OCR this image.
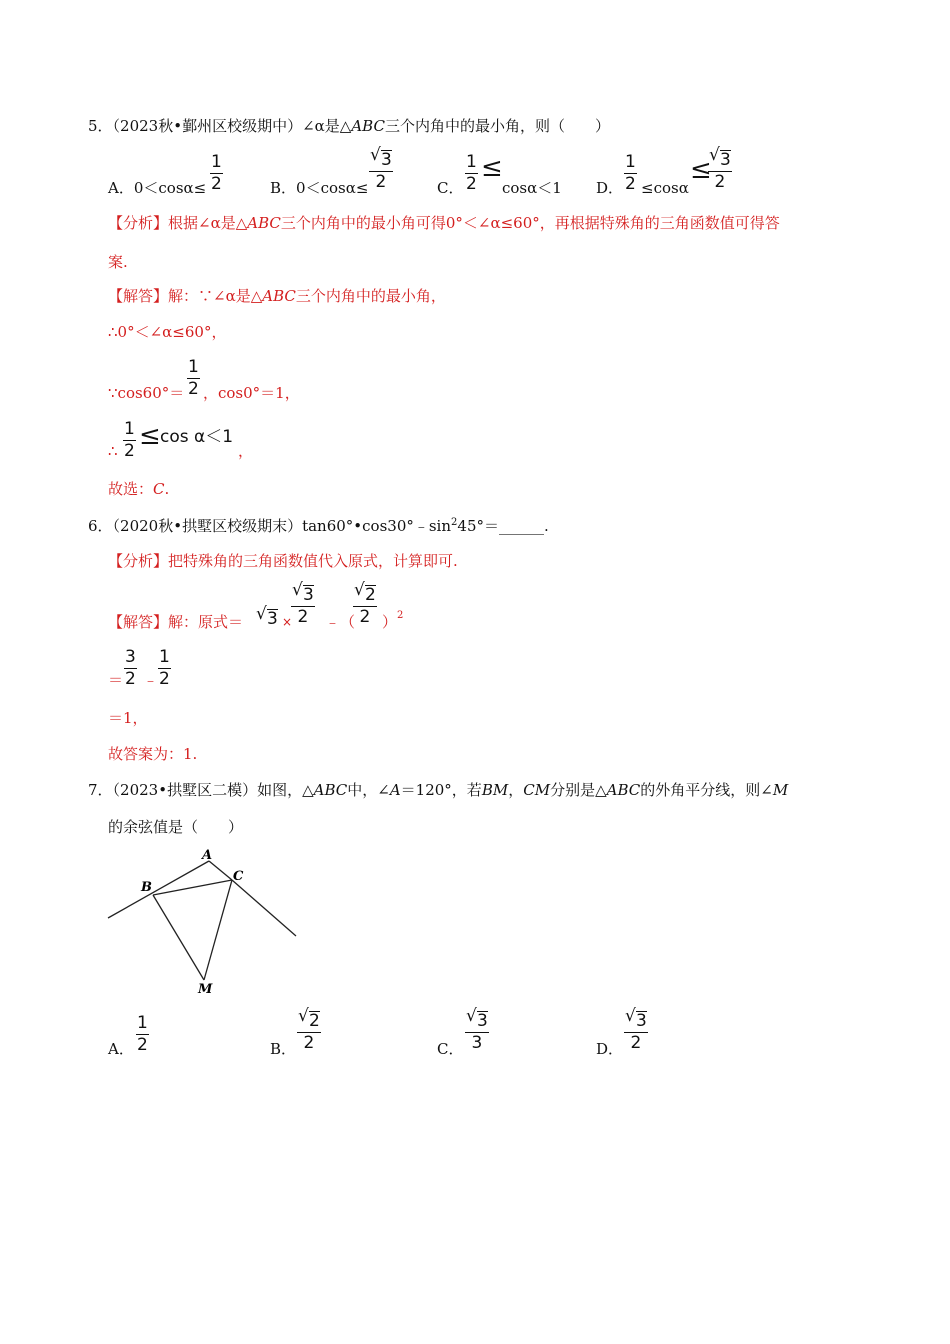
5．（2023秋•鄞州区校级期中）∠α是△ABC三个内角中的最小角，则（　　）
A．0＜cosα≤
1
2	B．0＜cosα≤
√ 3
2	C．
1
2
≤
cosα＜1 D．
1
2 ≤cosα
≤
√ 3
2
【分析】根据∠α是△ABC三个内角中的最小角可得0°＜∠α≤60°，再根据特殊角的三角函数值可得答
案.
【解答】解：∵∠α是△ABC三个内角中的最小角，
∴0°＜∠α≤60°，
∵cos60°＝
1
2 ，cos0°＝1，
∴
1
2 ≤ cos α＜1
，
故选：C.
6．（2020秋•拱墅区校级期末）$\tan 60^\circ•\cos 30^\circ﹣\sin^245^\circ=\_\_\_\_\_\_$.
【分析】把特殊角的三角函数值代入原式，计算即可.
【解答】解：原式＝ √ 3 ×
√ 3
2 ﹣（
√ 2
2 ） 2
＝
3
2 ﹣
1
2
＝1，
故答案为：1.
7．（2023•拱墅区二模）如图，△ABC中，∠A＝120°，若BM，CM分别是△ABC的外角平分线，则∠M
的余弦值是（　　）
A
B
C
M
A．
1
2	B．
√ 2
2	C．
√ 3
3	D．
√ 3
2
